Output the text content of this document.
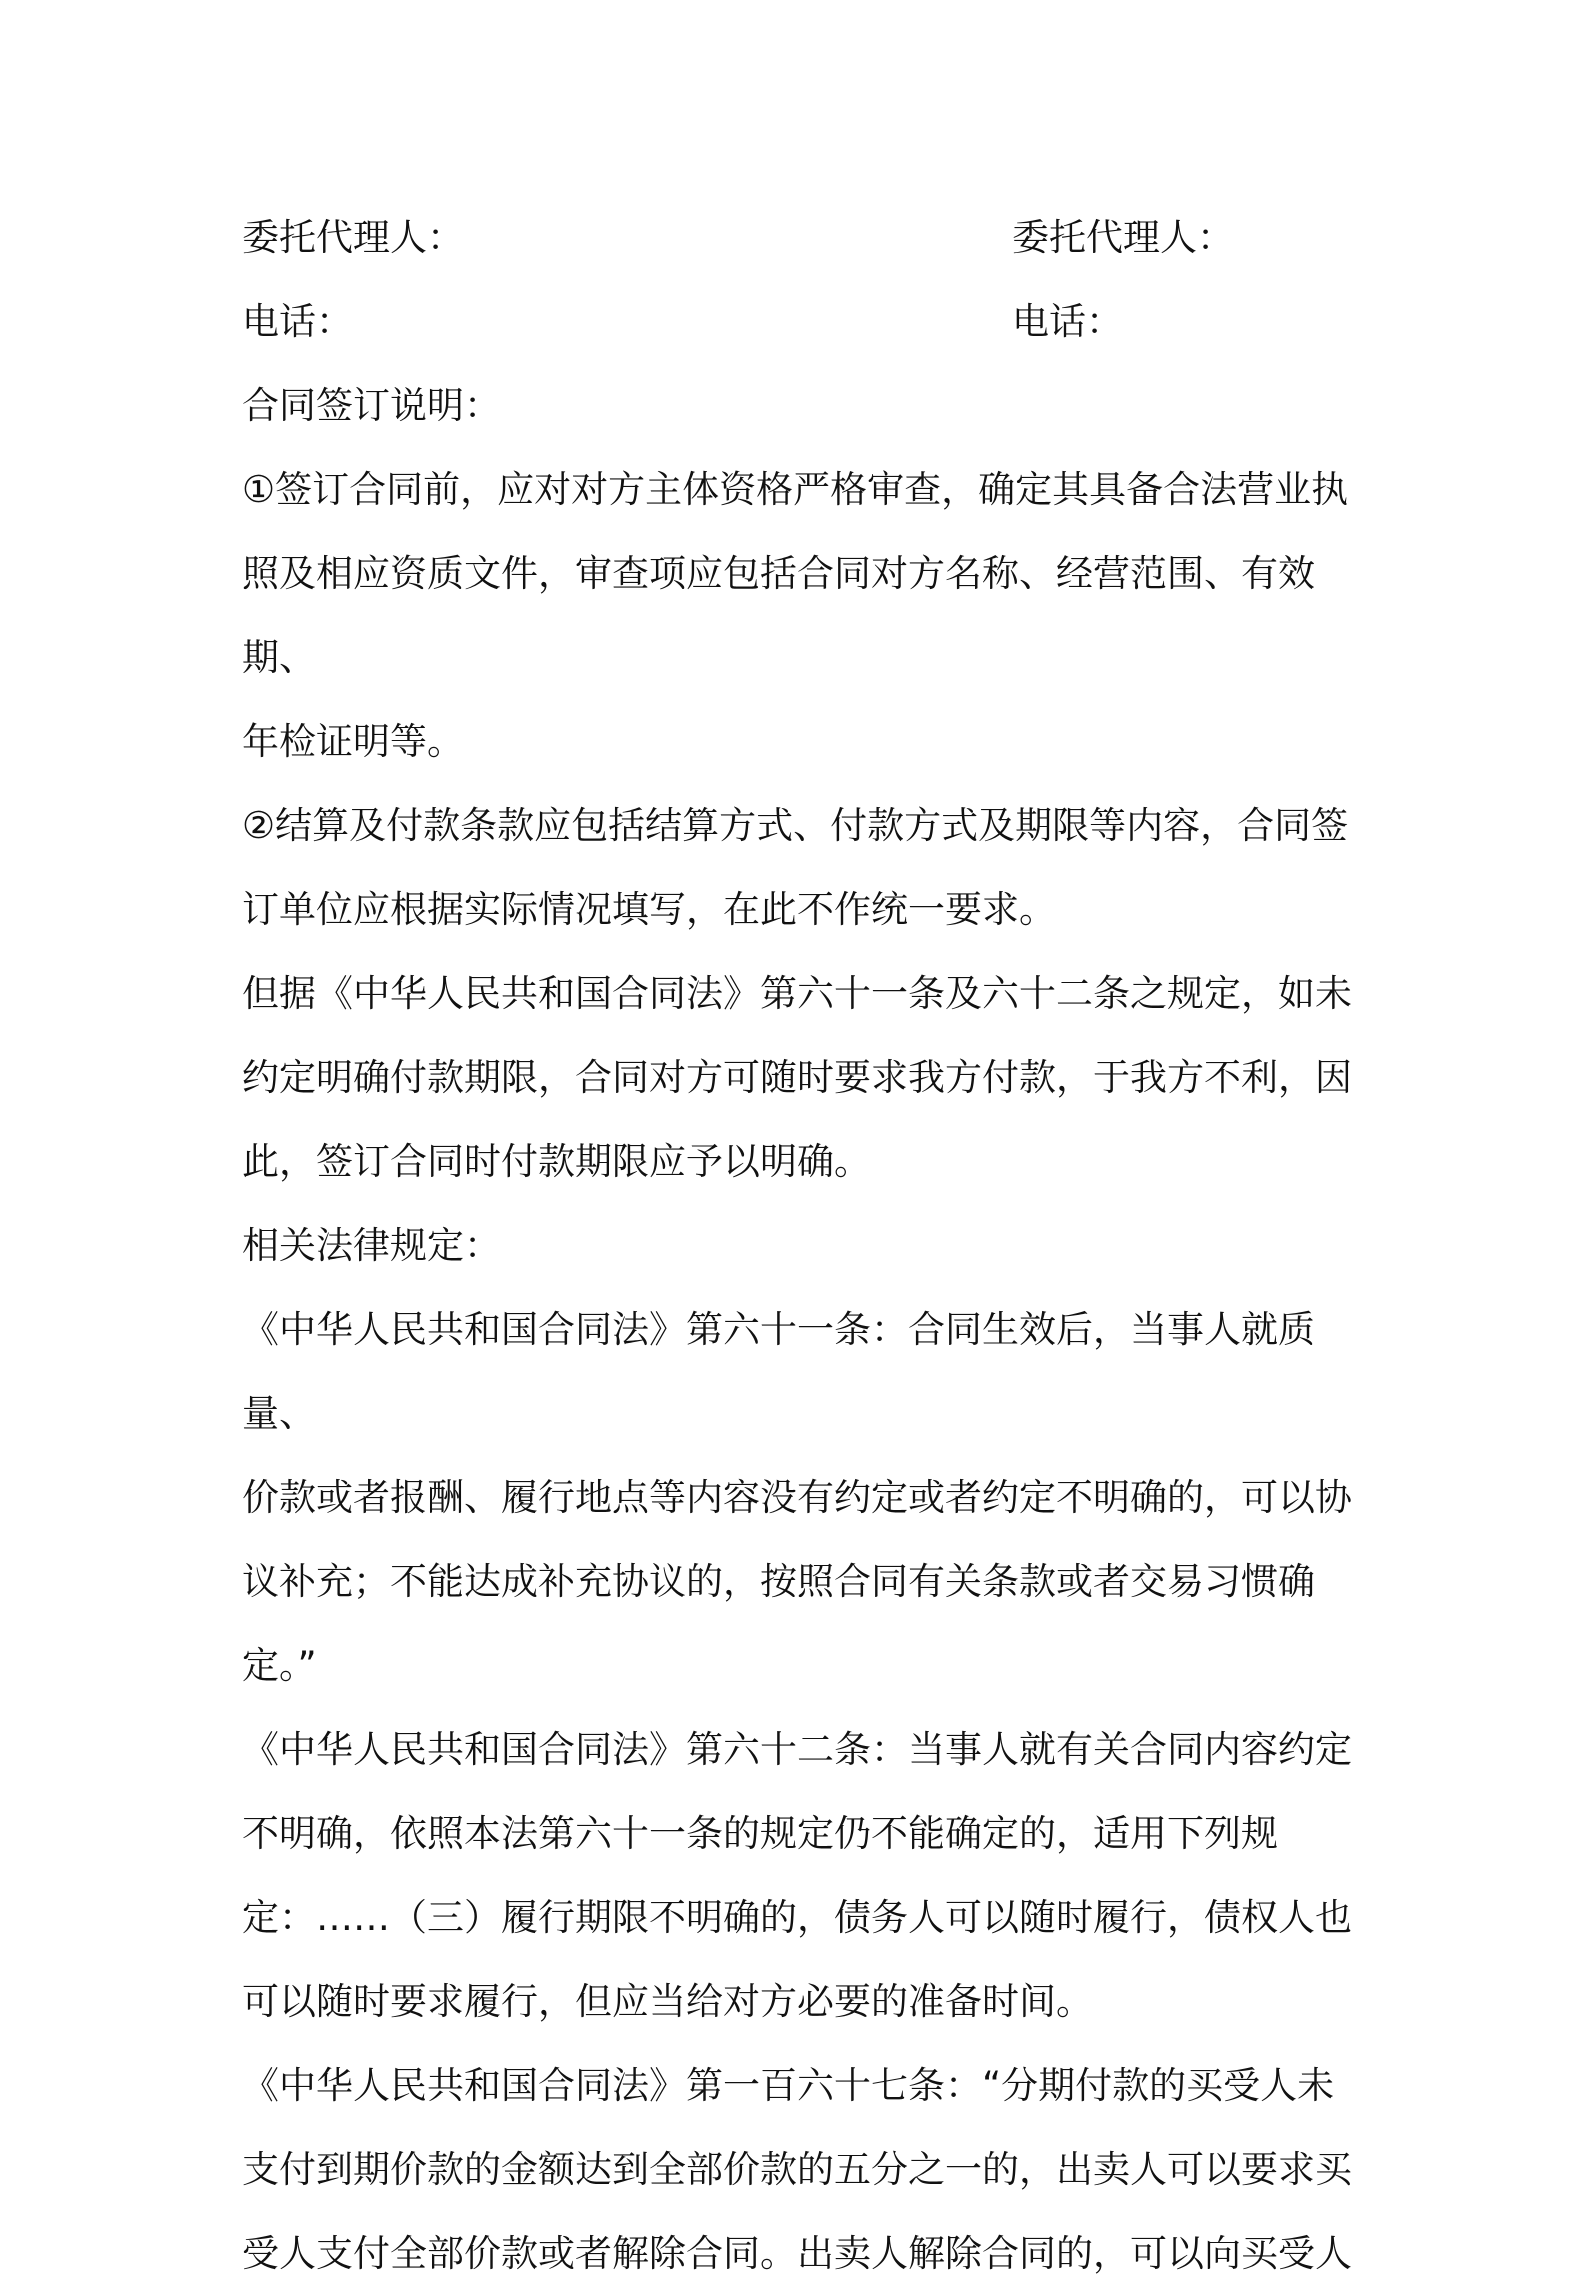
委托代理人：	委托代理人：
电话：	电话：

合同签订说明：

①签订合同前，应对对方主体资格严格审查，确定其具备合法营业执
照及相应资质文件，审查项应包括合同对方名称、经营范围、有效期、
年检证明等。

②结算及付款条款应包括结算方式、付款方式及期限等内容，合同签
订单位应根据实际情况填写，在此不作统一要求。

但据《中华人民共和国合同法》第六十一条及六十二条之规定，如未
约定明确付款期限，合同对方可随时要求我方付款，于我方不利，因
此，签订合同时付款期限应予以明确。

相关法律规定：

《中华人民共和国合同法》第六十一条：合同生效后，当事人就质量、
价款或者报酬、履行地点等内容没有约定或者约定不明确的，可以协
议补充；不能达成补充协议的，按照合同有关条款或者交易习惯确定。”

《中华人民共和国合同法》第六十二条：当事人就有关合同内容约定
不明确，依照本法第六十一条的规定仍不能确定的，适用下列规
定：……（三）履行期限不明确的，债务人可以随时履行，债权人也
可以随时要求履行，但应当给对方必要的准备时间。

《中华人民共和国合同法》第一百六十七条：“分期付款的买受人未
支付到期价款的金额达到全部价款的五分之一的，出卖人可以要求买
受人支付全部价款或者解除合同。出卖人解除合同的，可以向买受人
